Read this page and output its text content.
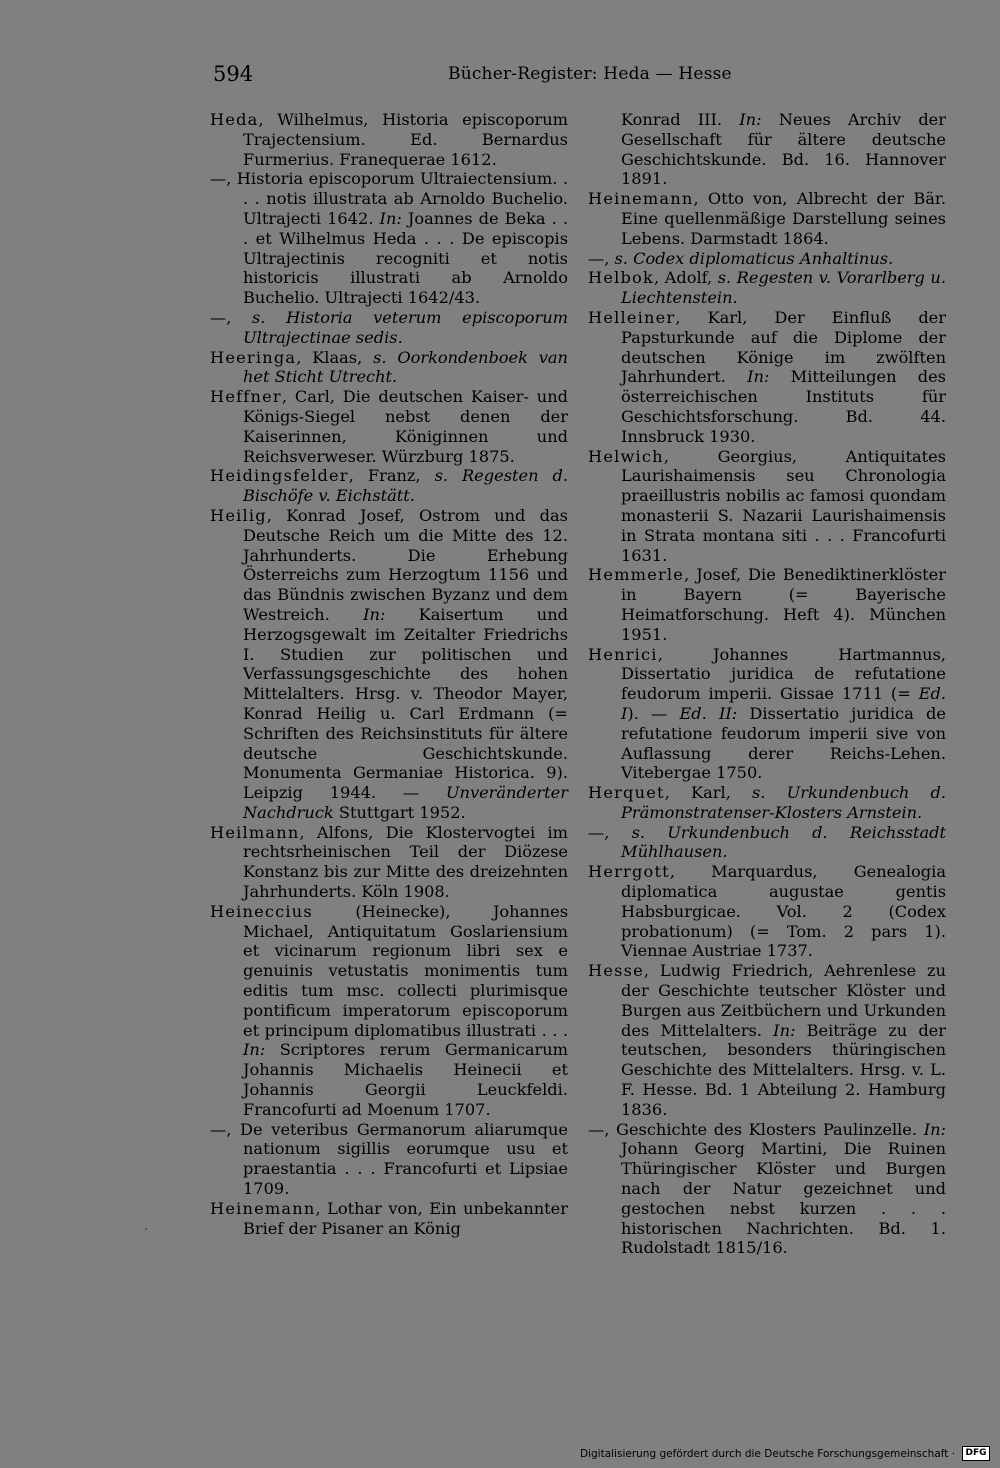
594	Bücher-Register: Heda — Hesse

Heda, Wilhelmus, Historia episcoporum Trajectensium. Ed. Bernardus Furmerius. Franequerae 1612.

—, Historia episcoporum Ultraiectensium. . . . notis illustrata ab Arnoldo Buchelio. Ultrajecti 1642. In: Joannes de Beka . . . et Wilhelmus Heda . . . De episcopis Ultrajectinis recogniti et notis historicis illustrati ab Arnoldo Buchelio. Ultrajecti 1642/43.

—, s. Historia veterum episcoporum Ultrajectinae sedis.

Heeringa, Klaas, s. Oorkondenboek van het Sticht Utrecht.

Heffner, Carl, Die deutschen Kaiser- und Königs-Siegel nebst denen der Kaiserinnen, Königinnen und Reichsverweser. Würzburg 1875.

Heidingsfelder, Franz, s. Regesten d. Bischöfe v. Eichstätt.

Heilig, Konrad Josef, Ostrom und das Deutsche Reich um die Mitte des 12. Jahrhunderts. Die Erhebung Österreichs zum Herzogtum 1156 und das Bündnis zwischen Byzanz und dem Westreich. In: Kaisertum und Herzogsgewalt im Zeitalter Friedrichs I. Studien zur politischen und Verfassungsgeschichte des hohen Mittelalters. Hrsg. v. Theodor Mayer, Konrad Heilig u. Carl Erdmann (= Schriften des Reichsinstituts für ältere deutsche Geschichtskunde. Monumenta Germaniae Historica. 9). Leipzig 1944. — Unveränderter Nachdruck Stuttgart 1952.

Heilmann, Alfons, Die Klostervogtei im rechtsrheinischen Teil der Diözese Konstanz bis zur Mitte des dreizehnten Jahrhunderts. Köln 1908.

Heineccius (Heinecke), Johannes Michael, Antiquitatum Goslariensium et vicinarum regionum libri sex e genuinis vetustatis monimentis tum editis tum msc. collecti plurimisque pontificum imperatorum episcoporum et principum diplomatibus illustrati . . . In: Scriptores rerum Germanicarum Johannis Michaelis Heinecii et Johannis Georgii Leuckfeldi. Francofurti ad Moenum 1707.

—, De veteribus Germanorum aliarumque nationum sigillis eorumque usu et praestantia . . . Francofurti et Lipsiae 1709.

Heinemann, Lothar von, Ein unbekannter Brief der Pisaner an König

Konrad III. In: Neues Archiv der Gesellschaft für ältere deutsche Geschichtskunde. Bd. 16. Hannover 1891.

Heinemann, Otto von, Albrecht der Bär. Eine quellenmäßige Darstellung seines Lebens. Darmstadt 1864.

—, s. Codex diplomaticus Anhaltinus.

Helbok, Adolf, s. Regesten v. Vorarlberg u. Liechtenstein.

Helleiner, Karl, Der Einfluß der Papsturkunde auf die Diplome der deutschen Könige im zwölften Jahrhundert. In: Mitteilungen des österreichischen Instituts für Geschichtsforschung. Bd. 44. Innsbruck 1930.

Helwich, Georgius, Antiquitates Laurishaimensis seu Chronologia praeillustris nobilis ac famosi quondam monasterii S. Nazarii Laurishaimensis in Strata montana siti . . . Francofurti 1631.

Hemmerle, Josef, Die Benediktinerklöster in Bayern (= Bayerische Heimatforschung. Heft 4). München 1951.

Henrici, Johannes Hartmannus, Dissertatio juridica de refutatione feudorum imperii. Gissae 1711 (= Ed. I). — Ed. II: Dissertatio juridica de refutatione feudorum imperii sive von Auflassung derer Reichs-Lehen. Vitebergae 1750.

Herquet, Karl, s. Urkundenbuch d. Prämonstratenser-Klosters Arnstein.

—, s. Urkundenbuch d. Reichsstadt Mühlhausen.

Herrgott, Marquardus, Genealogia diplomatica augustae gentis Habsburgicae. Vol. 2 (Codex probationum) (= Tom. 2 pars 1). Viennae Austriae 1737.

Hesse, Ludwig Friedrich, Aehrenlese zu der Geschichte teutscher Klöster und Burgen aus Zeitbüchern und Urkunden des Mittelalters. In: Beiträge zu der teutschen, besonders thüringischen Geschichte des Mittelalters. Hrsg. v. L. F. Hesse. Bd. 1 Abteilung 2. Hamburg 1836.

—, Geschichte des Klosters Paulinzelle. In: Johann Georg Martini, Die Ruinen Thüringischer Klöster und Burgen nach der Natur gezeichnet und gestochen nebst kurzen . . . historischen Nachrichten. Bd. 1. Rudolstadt 1815/16.

Digitalisierung gefördert durch die Deutsche Forschungsgemeinschaft ·	DFG
